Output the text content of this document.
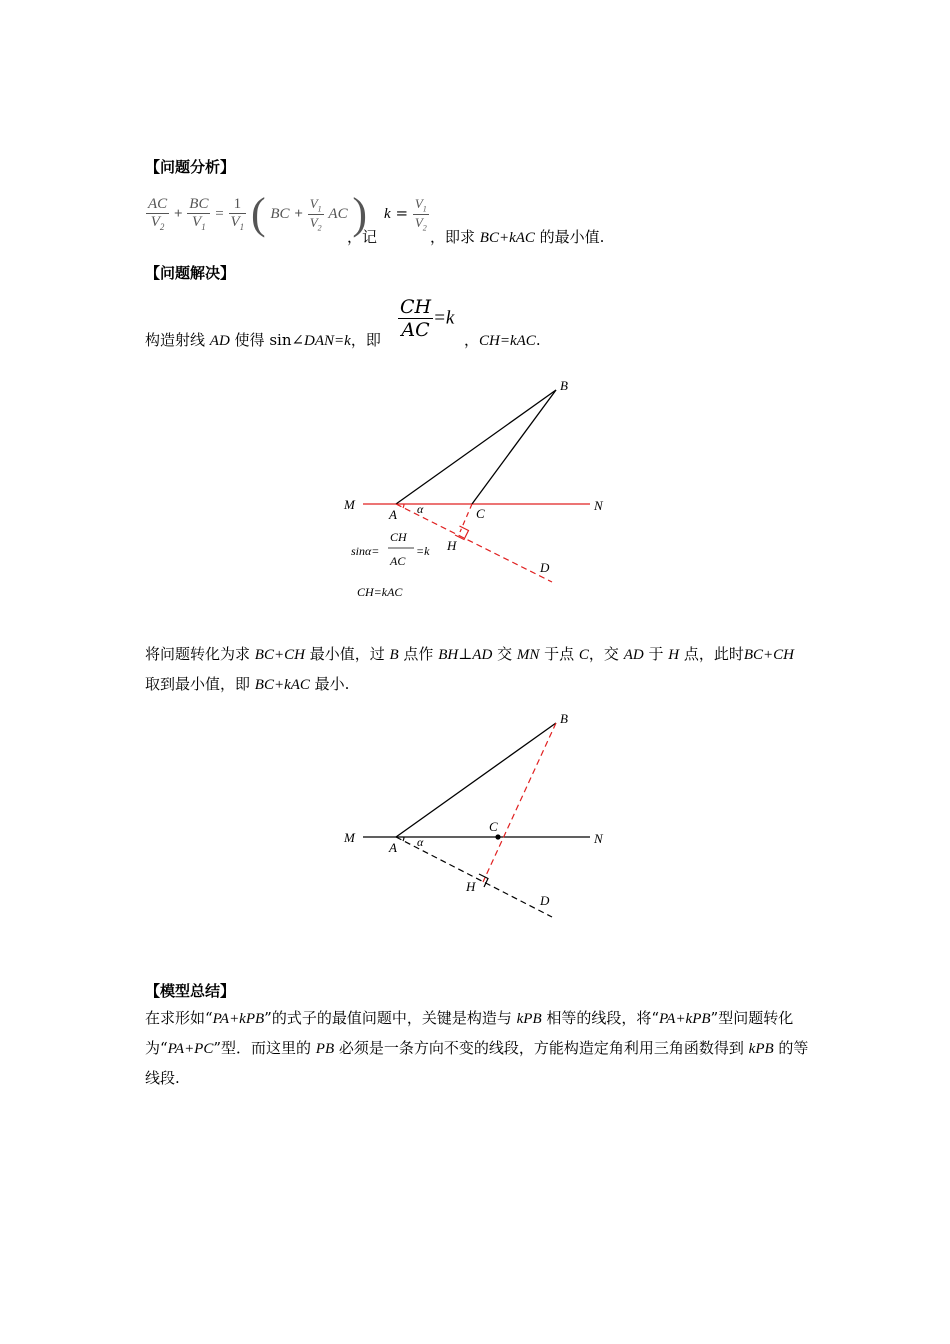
【问题分析】
$\frac{AC}{V_2} + \frac{BC}{V_1} = \frac{1}{V_1}$ ( BC + $\frac{V_1}{V_2}$ AC )
，记
$k = \frac{V_1}{V_2}$
，即求 BC+kAC 的最小值.
【问题解决】
构造射线 AD 使得 sin∠DAN=k，即 $\frac{CH}{AC} =k$
，CH=kAC.
B
M	N
A α	C
H
D
sinα=
CH
AC
=k
CH=kAC
将问题转化为求 BC+CH 最小值，过 B 点作 BH⊥AD 交 MN 于点 C，交 AD 于 H 点，此时BC+CH 取到最小值，即 BC+kAC 最小.
B
M	N
A α
C
H
D
【模型总结】
在求形如“PA+kPB”的式子的最值问题中，关键是构造与 kPB 相等的线段，将“PA+kPB”型问题转化为“PA+PC”型．而这里的 PB 必须是一条方向不变的线段，方能构造定角利用三角函数得到 kPB 的等线段.
